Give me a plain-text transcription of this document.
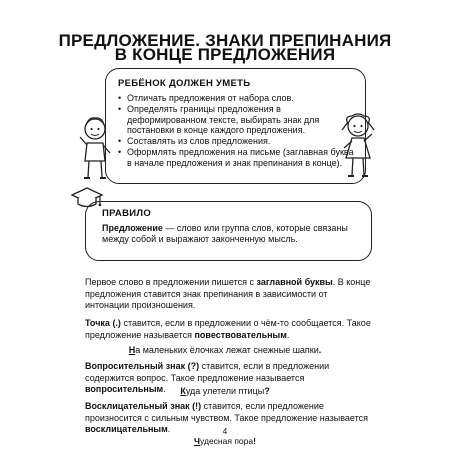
ПРЕДЛОЖЕНИЕ. ЗНАКИ ПРЕПИНАНИЯ
В КОНЦЕ ПРЕДЛОЖЕНИЯ
РЕБЁНОК ДОЛЖЕН УМЕТЬ
• Отличать предложения от набора слов.
• Определять границы предложения в деформированном тексте, выбирать знак для постановки в конце каждого предложения.
• Составлять из слов предложения.
• Оформлять предложения на письме (заглавная буква в начале предложения и знак препинания в конце).
ПРАВИЛО
Предложение — слово или группа слов, которые связаны между собой и выражают законченную мысль.
Первое слово в предложении пишется с заглавной буквы. В конце предложения ставится знак препинания в зависимости от интонации произношения.
Точка (.) ставится, если в предложении о чём-то сообщается. Такое предложение называется повествовательным.
На маленьких ёлочках лежат снежные шапки.
Вопросительный знак (?) ставится, если в предложении содержится вопрос. Такое предложение называется вопросительным.	Куда улетели птицы?
Восклицательный знак (!) ставится, если предложение произносится с сильным чувством. Такое предложение называется восклицательным.
Чудесная пора!
4
